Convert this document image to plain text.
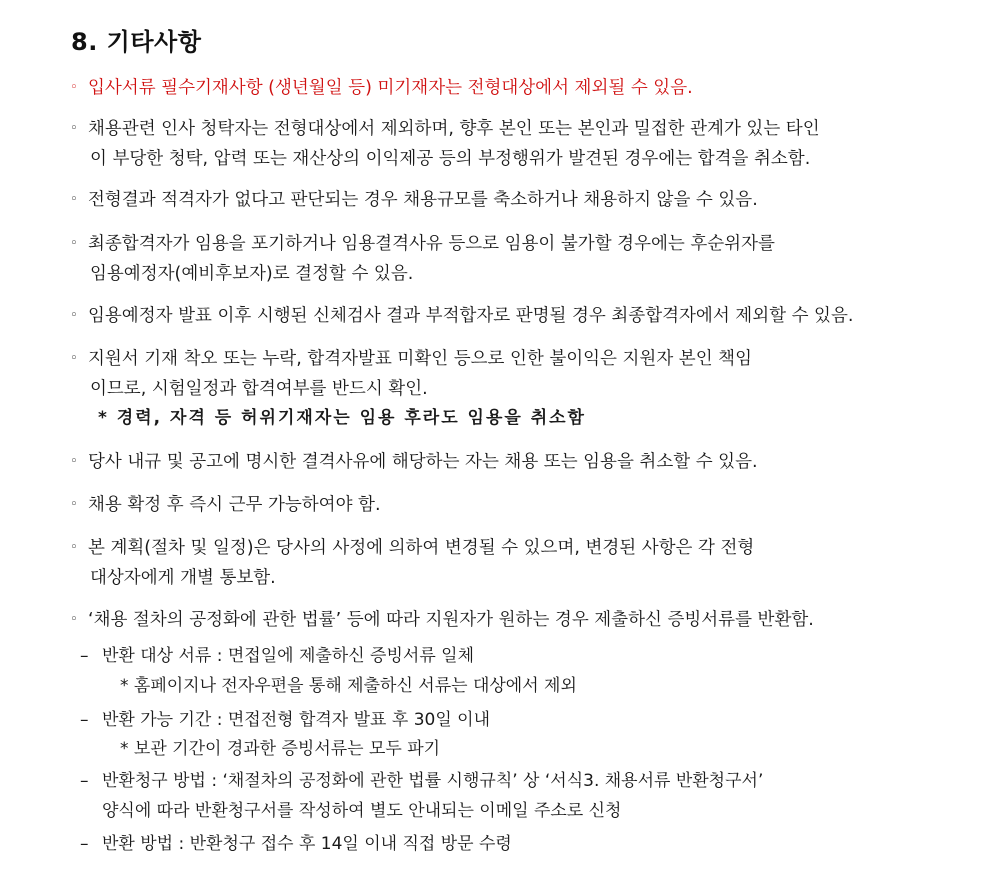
8. 기타사항
◦ 입사서류 필수기재사항 (생년월일 등) 미기재자는 전형대상에서 제외될 수 있음.
◦ 채용관련 인사 청탁자는 전형대상에서 제외하며, 향후 본인 또는 본인과 밀접한 관계가 있는 타인
이 부당한 청탁, 압력 또는 재산상의 이익제공 등의 부정행위가 발견된 경우에는 합격을 취소함.
◦ 전형결과 적격자가 없다고 판단되는 경우 채용규모를 축소하거나 채용하지 않을 수 있음.
◦ 최종합격자가 임용을 포기하거나 임용결격사유 등으로 임용이 불가할 경우에는 후순위자를
임용예정자(예비후보자)로 결정할 수 있음.
◦ 임용예정자 발표 이후 시행된 신체검사 결과 부적합자로 판명될 경우 최종합격자에서 제외할 수 있음.
◦ 지원서 기재 착오 또는 누락, 합격자발표 미확인 등으로 인한 불이익은 지원자 본인 책임
이므로, 시험일정과 합격여부를 반드시 확인.
* 경력, 자격 등 허위기재자는 임용 후라도 임용을 취소함
◦ 당사 내규 및 공고에 명시한 결격사유에 해당하는 자는 채용 또는 임용을 취소할 수 있음.
◦ 채용 확정 후 즉시 근무 가능하여야 함.
◦ 본 계획(절차 및 일정)은 당사의 사정에 의하여 변경될 수 있으며, 변경된 사항은 각 전형
대상자에게 개별 통보함.
◦ ‘채용 절차의 공정화에 관한 법률’ 등에 따라 지원자가 원하는 경우 제출하신 증빙서류를 반환함.
– 반환 대상 서류 : 면접일에 제출하신 증빙서류 일체
* 홈페이지나 전자우편을 통해 제출하신 서류는 대상에서 제외
– 반환 가능 기간 : 면접전형 합격자 발표 후 30일 이내
* 보관 기간이 경과한 증빙서류는 모두 파기
– 반환청구 방법 : ‘채절차의 공정화에 관한 법률 시행규칙’ 상 ‘서식3. 채용서류 반환청구서’
양식에 따라 반환청구서를 작성하여 별도 안내되는 이메일 주소로 신청
– 반환 방법 : 반환청구 접수 후 14일 이내 직접 방문 수령
